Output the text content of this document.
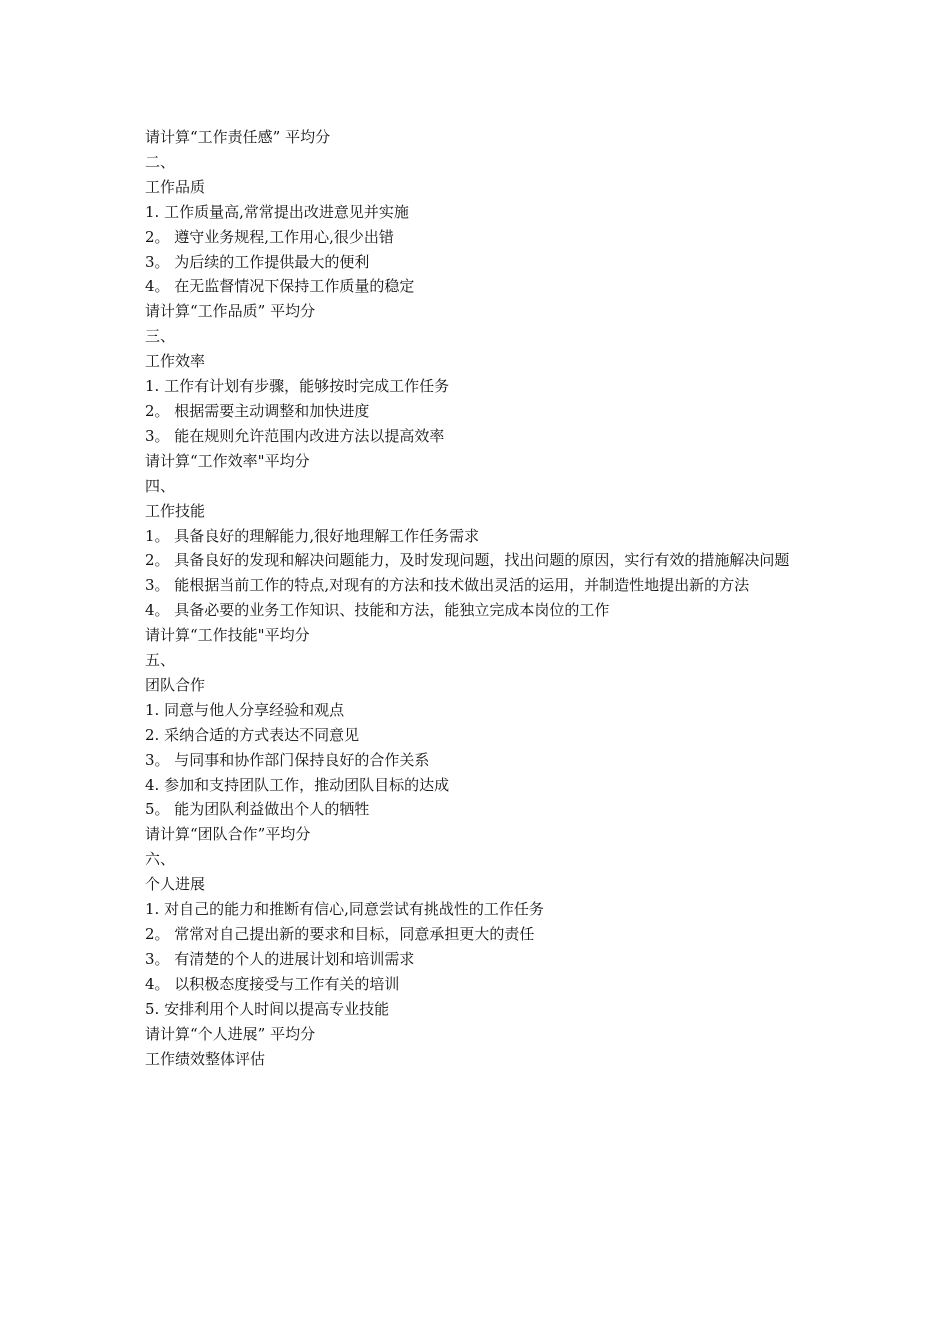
请计算“工作责任感” 平均分

二、

工作品质

1. 工作质量高,常常提出改进意见并实施

2。 遵守业务规程,工作用心,很少出错

3。 为后续的工作提供最大的便利

4。 在无监督情况下保持工作质量的稳定

请计算“工作品质” 平均分

三、

工作效率

1. 工作有计划有步骤，能够按时完成工作任务

2。 根据需要主动调整和加快进度

3。 能在规则允许范围内改进方法以提高效率

请计算“工作效率"平均分

四、

工作技能

1。 具备良好的理解能力,很好地理解工作任务需求

2。 具备良好的发现和解决问题能力，及时发现问题，找出问题的原因，实行有效的措施解决问题

3。 能根据当前工作的特点,对现有的方法和技术做出灵活的运用，并制造性地提出新的方法

4。 具备必要的业务工作知识、技能和方法，能独立完成本岗位的工作

请计算“工作技能"平均分

五、

团队合作

1. 同意与他人分享经验和观点

2. 采纳合适的方式表达不同意见

3。 与同事和协作部门保持良好的合作关系

4. 参加和支持团队工作，推动团队目标的达成

5。 能为团队利益做出个人的牺牲

请计算“团队合作”平均分

六、

个人进展

1. 对自己的能力和推断有信心,同意尝试有挑战性的工作任务

2。 常常对自己提出新的要求和目标，同意承担更大的责任

3。 有清楚的个人的进展计划和培训需求

4。 以积极态度接受与工作有关的培训

5. 安排利用个人时间以提高专业技能

请计算“个人进展” 平均分

工作绩效整体评估
